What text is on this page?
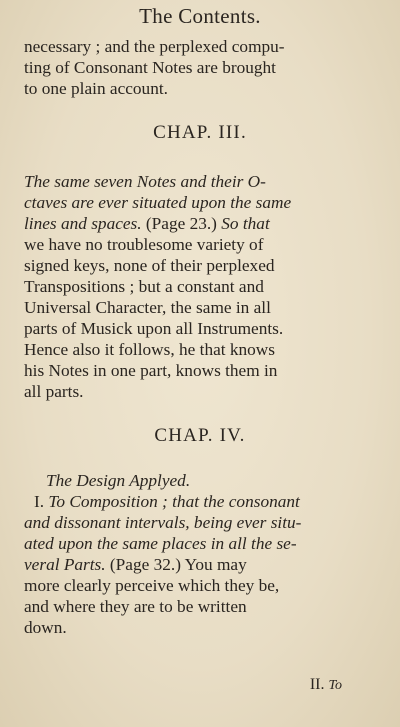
The Contents.
necessary ; and the perplexed compu-
ting of Consonant Notes are brought
to one plain account.
CHAP. III.
The same seven Notes and their O-
ctaves are ever situated upon the same
lines and spaces. (Page 23.) So that
we have no troublesome variety of
signed keys, none of their perplexed
Transpositions ; but a constant and
Universal Character, the same in all
parts of Musick upon all Instruments.
Hence also it follows, he that knows
his Notes in one part, knows them in
all parts.
CHAP. IV.
The Design Applyed.
I. To Composition ; that the consonant
and dissonant intervals, being ever situ-
ated upon the same places in all the se-
veral Parts. (Page 32.) You may
more clearly perceive which they be,
and where they are to be written
down.
II. To
